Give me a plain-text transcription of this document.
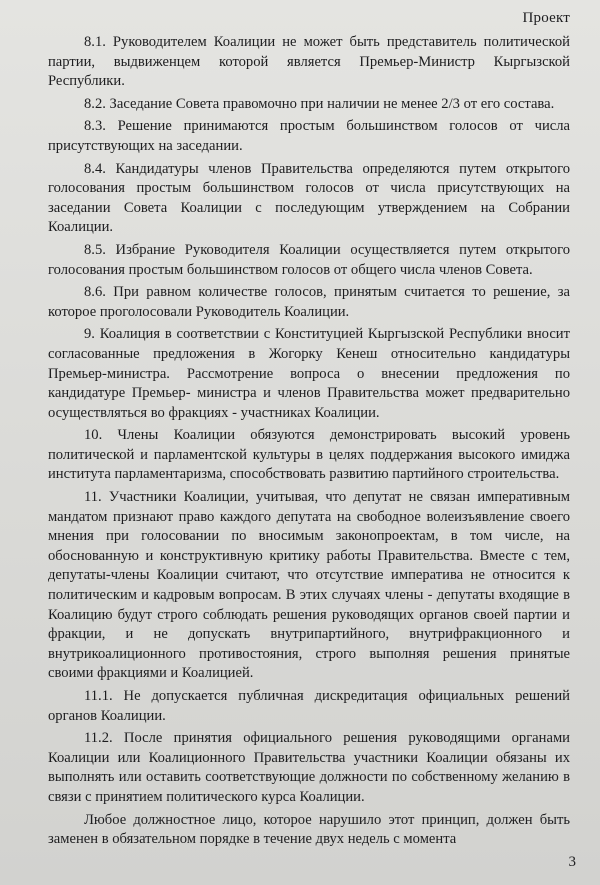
Проект

8.1. Руководителем Коалиции не может быть представитель политической партии, выдвиженцем которой является Премьер-Министр Кыргызской Республики.

8.2. Заседание Совета правомочно при наличии не менее 2/3 от его состава.

8.3. Решение принимаются простым большинством голосов от числа присутствующих на заседании.

8.4. Кандидатуры членов Правительства определяются путем открытого голосования простым большинством голосов от числа присутствующих на заседании Совета Коалиции с последующим утверждением на Собрании Коалиции.

8.5. Избрание Руководителя Коалиции осуществляется путем открытого голосования простым большинством голосов от общего числа членов Совета.

8.6. При равном количестве голосов, принятым считается то решение, за которое проголосовали Руководитель Коалиции.

9. Коалиция в соответствии с Конституцией Кыргызской Республики вносит согласованные предложения в Жогорку Кенеш относительно кандидатуры Премьер-министра. Рассмотрение вопроса о внесении предложения по кандидатуре Премьер- министра и членов Правительства может предварительно осуществляться во фракциях - участниках Коалиции.

10. Члены Коалиции обязуются демонстрировать высокий уровень политической и парламентской культуры в целях поддержания высокого имиджа института парламентаризма, способствовать развитию партийного строительства.

11. Участники Коалиции, учитывая, что депутат не связан императивным мандатом признают право каждого депутата на свободное волеизъявление своего мнения при голосовании по вносимым законопроектам, в том числе, на обоснованную и конструктивную критику работы Правительства. Вместе с тем, депутаты-члены Коалиции считают, что отсутствие императива не относится к политическим и кадровым вопросам. В этих случаях члены - депутаты входящие в Коалицию будут строго соблюдать решения руководящих органов своей партии и фракции, и не допускать внутрипартийного, внутрифракционного и внутрикоалиционного противостояния, строго выполняя решения принятые своими фракциями и Коалицией.

11.1. Не допускается публичная дискредитация официальных решений органов Коалиции.

11.2. После принятия официального решения руководящими органами Коалиции или Коалиционного Правительства участники Коалиции обязаны их выполнять или оставить соответствующие должности по собственному желанию в связи с принятием политического курса Коалиции.

Любое должностное лицо, которое нарушило этот принцип, должен быть заменен в обязательном порядке в течение двух недель с момента

3
